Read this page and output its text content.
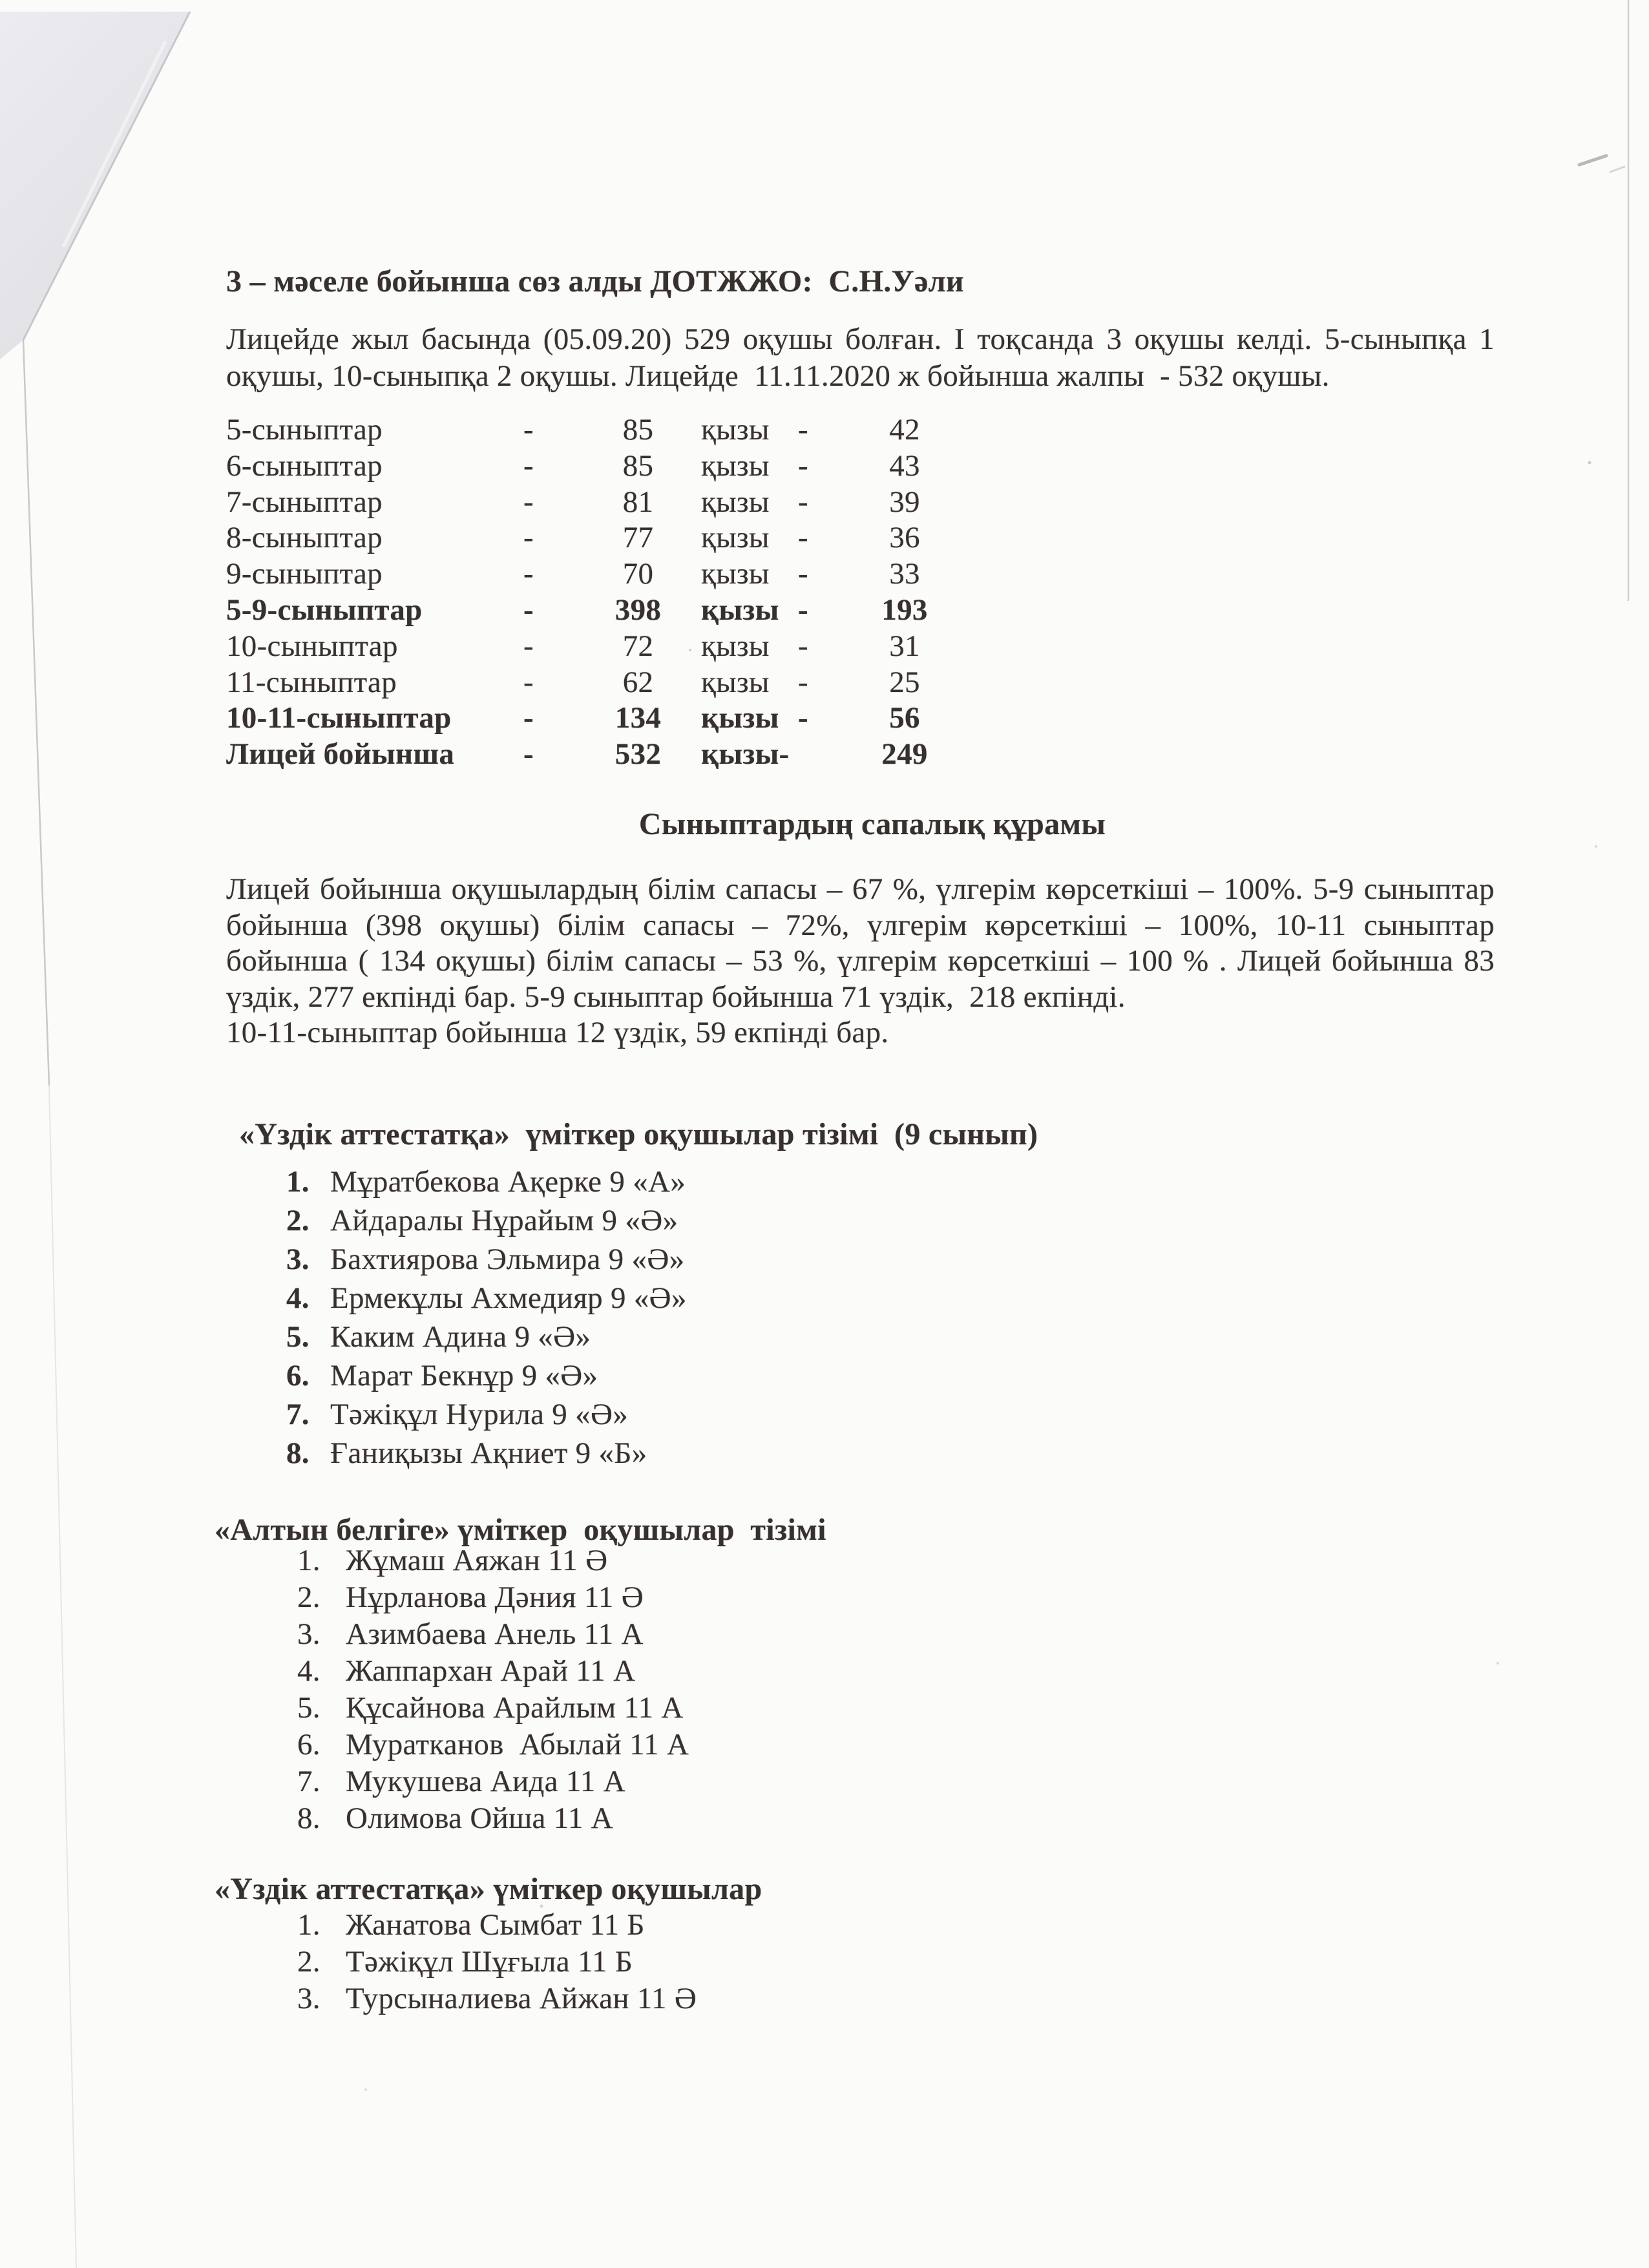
3 – мәселе бойынша сөз алды ДОТЖЖО:  С.Н.Уәли
Лицейде жыл басында (05.09.20) 529 оқушы болған. І тоқсанда 3 оқушы келді. 5-сыныпқа 1
оқушы, 10-сыныпқа 2 оқушы. Лицейде  11.11.2020 ж бойынша жалпы  - 532 оқушы.
5-сыныптар	-	85	қызы -	42
6-сыныптар	-	85	қызы -	43
7-сыныптар	-	81	қызы -	39
8-сыныптар	-	77	қызы -	36
9-сыныптар	-	70	қызы -	33
5-9-сыныптар	-	398	қызы -	193
10-сыныптар	-	72	қызы -	31
11-сыныптар	-	62	қызы -	25
10-11-сыныптар	-	134	қызы -	56
Лицей бойынша	-	532	қызы-	249
Сыныптардың сапалық құрамы
Лицей бойынша оқушылардың білім сапасы – 67 %, үлгерім көрсеткіші – 100%. 5-9 сыныптар
бойынша (398 оқушы) білім сапасы – 72%, үлгерім көрсеткіші – 100%, 10-11 сыныптар
бойынша ( 134 оқушы) білім сапасы – 53 %, үлгерім көрсеткіші – 100 % . Лицей бойынша 83
үздік, 277 екпінді бар. 5-9 сыныптар бойынша 71 үздік,  218 екпінді.
10-11-сыныптар бойынша 12 үздік, 59 екпінді бар.
«Үздік аттестатқа»  үміткер оқушылар тізімі  (9 сынып)
1. Мұратбекова Ақерке 9 «А»
2. Айдаралы Нұрайым 9 «Ә»
3. Бахтиярова Эльмира 9 «Ә»
4. Ермекұлы Ахмедияр 9 «Ә»
5. Каким Адина 9 «Ә»
6. Марат Бекнұр 9 «Ә»
7. Тәжіқұл Нурила 9 «Ә»
8. Ғаниқызы Ақниет 9 «Б»
«Алтын белгіге» үміткер  оқушылар  тізімі
1. Жұмаш Аяжан 11 Ә
2. Нұрланова Дәния 11 Ә
3. Азимбаева Анель 11 А
4. Жаппархан Арай 11 А
5. Құсайнова Арайлым 11 А
6. Муратканов  Абылай 11 А
7. Мукушева Аида 11 А
8. Олимова Ойша 11 А
«Үздік аттестатқа» үміткер оқушылар
1. Жанатова Сымбат 11 Б
2. Тәжіқұл Шұғыла 11 Б
3. Турсыналиева Айжан 11 Ә
